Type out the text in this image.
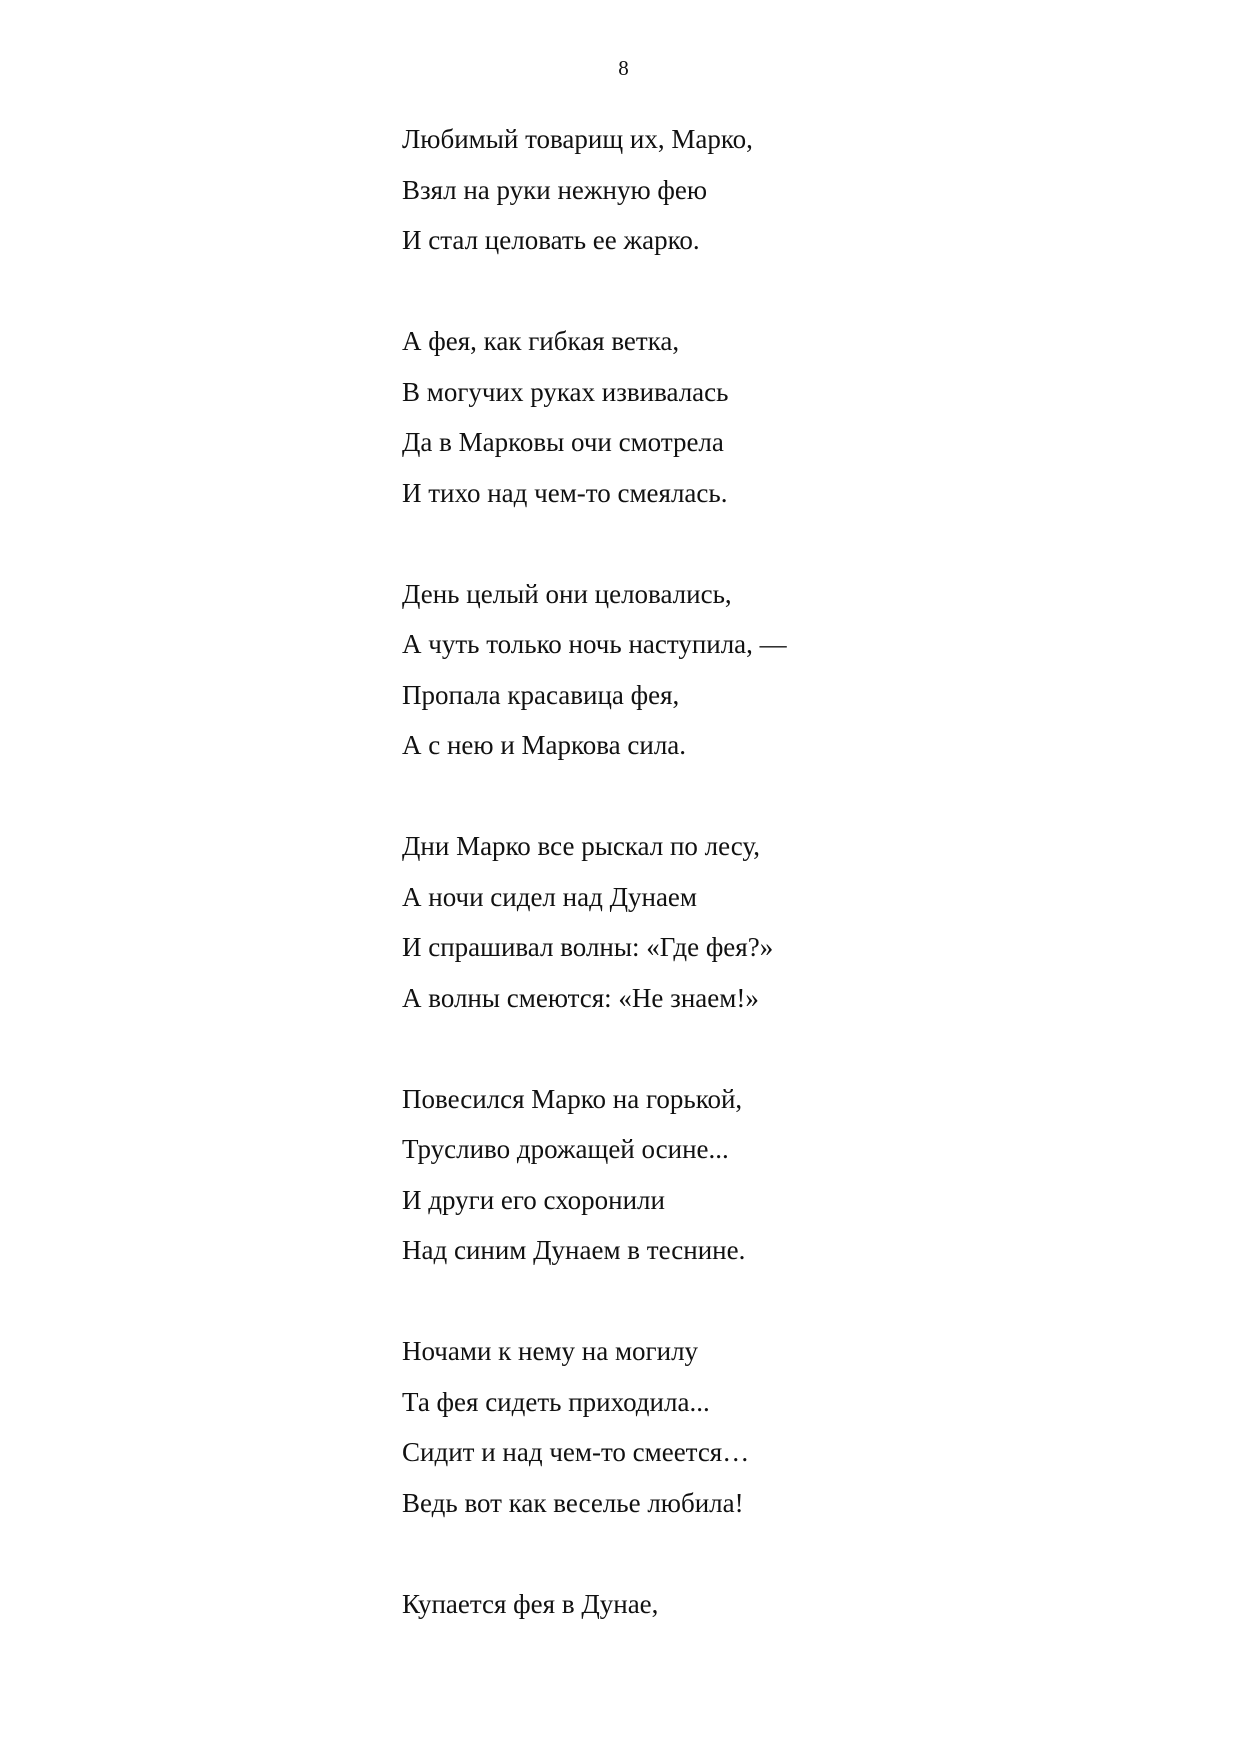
8
Любимый товарищ их, Марко,
Взял на руки нежную фею
И стал целовать ее жарко.
А фея, как гибкая ветка,
В могучих руках извивалась
Да в Марковы очи смотрела
И тихо над чем-то смеялась.
День целый они целовались,
А чуть только ночь наступила, —
Пропала красавица фея,
А с нею и Маркова сила.
Дни Марко все рыскал по лесу,
А ночи сидел над Дунаем
И спрашивал волны: «Где фея?»
А волны смеются: «Не знаем!»
Повесился Марко на горькой,
Трусливо дрожащей осине...
И други его схоронили
Над синим Дунаем в теснине.
Ночами к нему на могилу
Та фея сидеть приходила...
Сидит и над чем-то смеется…
Ведь вот как веселье любила!
Купается фея в Дунае,
